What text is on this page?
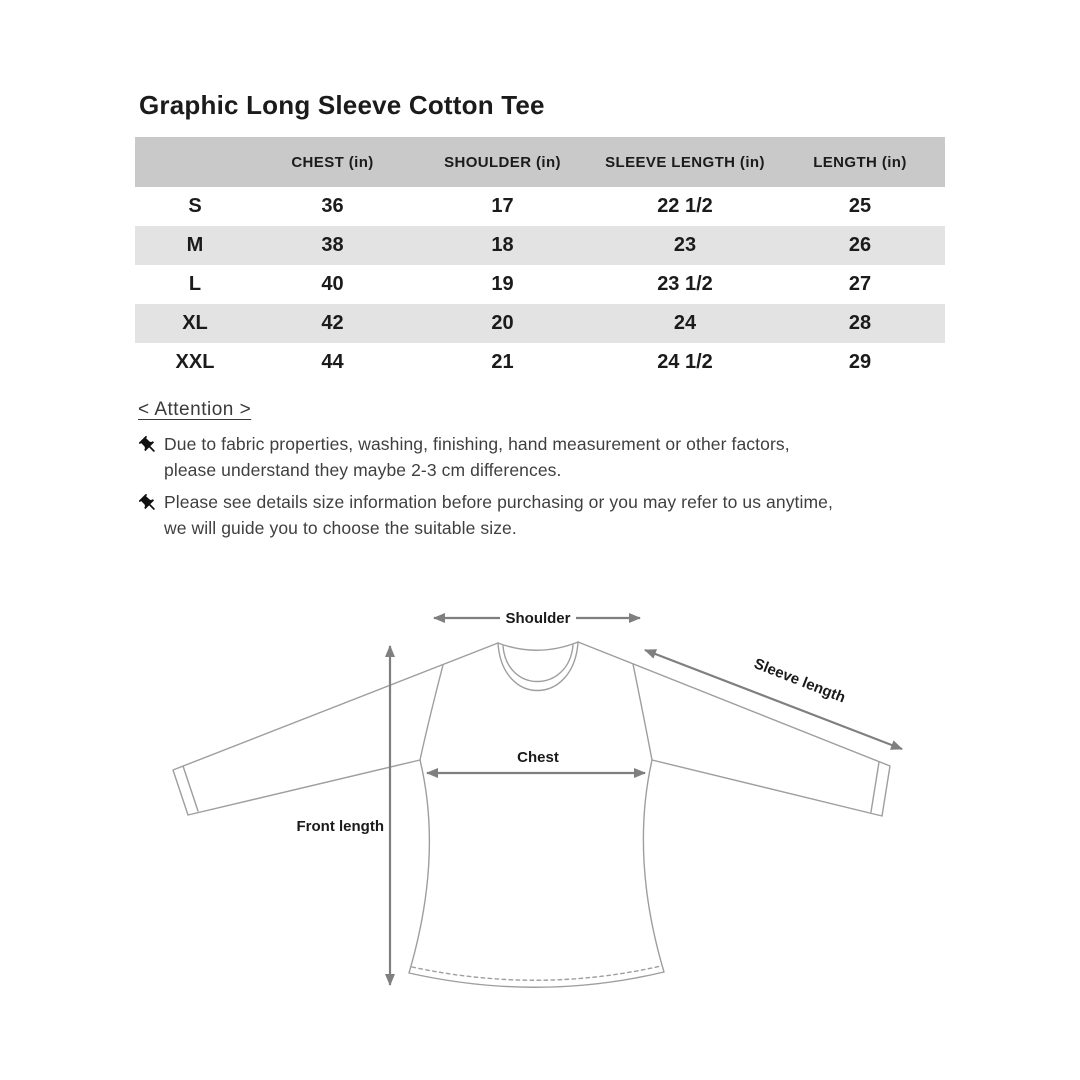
Graphic Long Sleeve Cotton Tee
	CHEST (in)	SHOULDER (in)	SLEEVE LENGTH (in)	LENGTH (in)
S	36	17	22 1/2	25
M	38	18	23	26
L	40	19	23 1/2	27
XL	42	20	24	28
XXL	44	21	24 1/2	29
< Attention >
Due to fabric properties, washing, finishing, hand measurement or other factors,
please understand they maybe 2-3 cm differences.
Please see details size information before purchasing or you may refer to us anytime,
we will guide you to choose the suitable size.
Shoulder
Sleeve length
Chest
Front length
